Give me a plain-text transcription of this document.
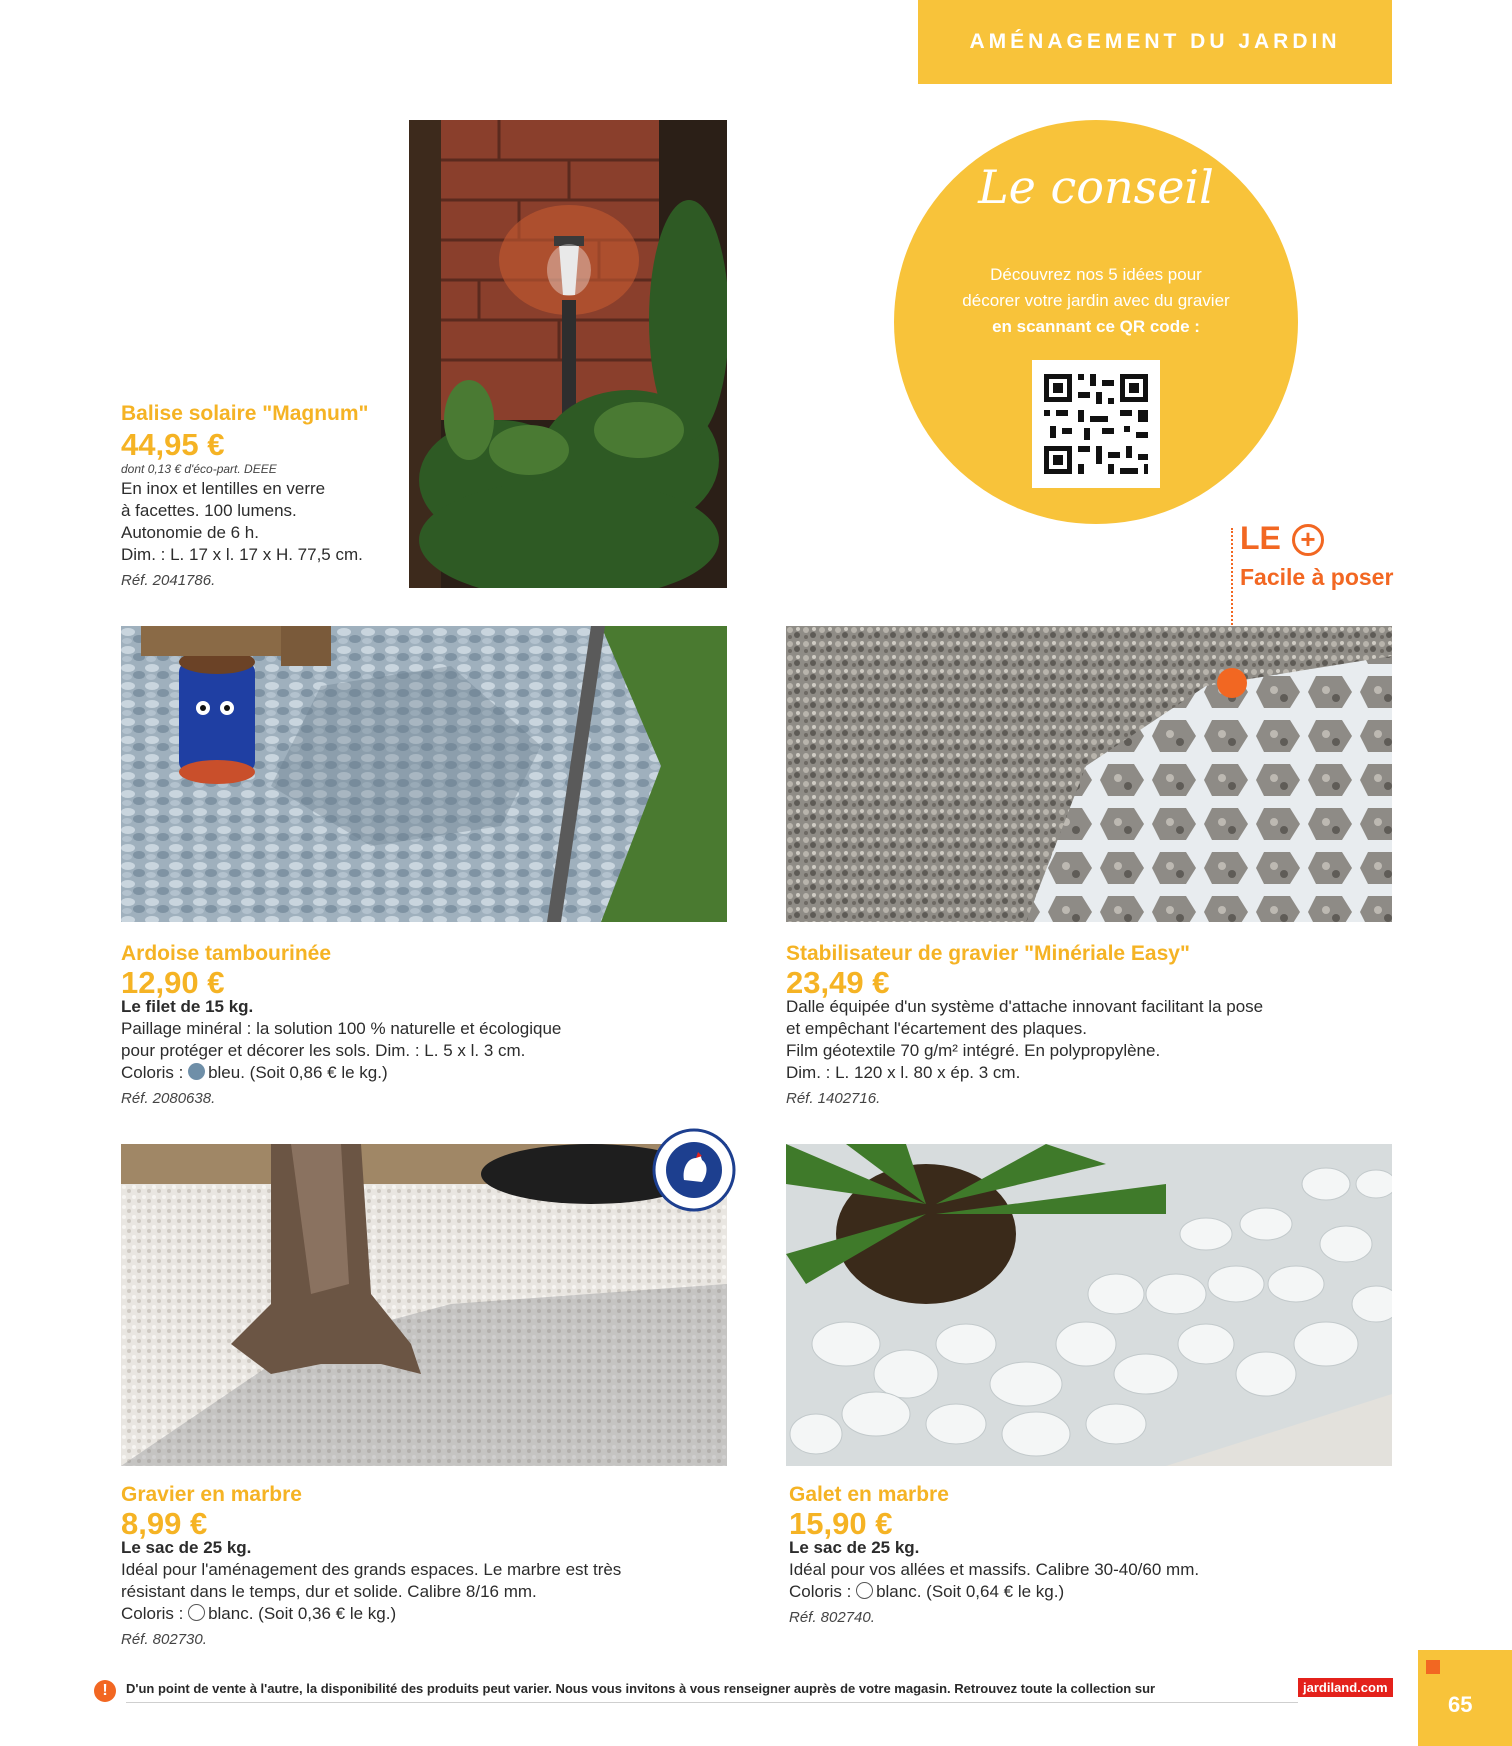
AMÉNAGEMENT DU JARDIN
Balise solaire "Magnum"
44,95 €
dont 0,13 € d'éco-part. DEEE
En inox et lentilles en verre
à facettes. 100 lumens.
Autonomie de 6 h.
Dim. : L. 17 x l. 17 x H. 77,5 cm.
Réf. 2041786.
Le conseil
Découvrez nos 5 idées pour
décorer votre jardin avec du gravier
en scannant ce QR code :
LE +
Facile à poser
Ardoise tambourinée
12,90 €
Le filet de 15 kg.
Paillage minéral : la solution 100 % naturelle et écologique
pour protéger et décorer les sols. Dim. : L. 5 x l. 3 cm.
Coloris : bleu. (Soit 0,86 € le kg.)
Réf. 2080638.
Stabilisateur de gravier "Minériale Easy"
23,49 €
Dalle équipée d'un système d'attache innovant facilitant la pose
et empêchant l'écartement des plaques.
Film géotextile 70 g/m² intégré. En polypropylène.
Dim. : L. 120 x l. 80 x ép. 3 cm.
Réf. 1402716.
Gravier en marbre
8,99 €
Le sac de 25 kg.
Idéal pour l'aménagement des grands espaces. Le marbre est très
résistant dans le temps, dur et solide. Calibre 8/16 mm.
Coloris : blanc. (Soit 0,36 € le kg.)
Réf. 802730.
Galet en marbre
15,90 €
Le sac de 25 kg.
Idéal pour vos allées et massifs. Calibre 30-40/60 mm.
Coloris : blanc. (Soit 0,64 € le kg.)
Réf. 802740.
!	D'un point de vente à l'autre, la disponibilité des produits peut varier. Nous vous invitons à vous renseigner auprès de votre magasin. Retrouvez toute la collection sur	jardiland.com
65
